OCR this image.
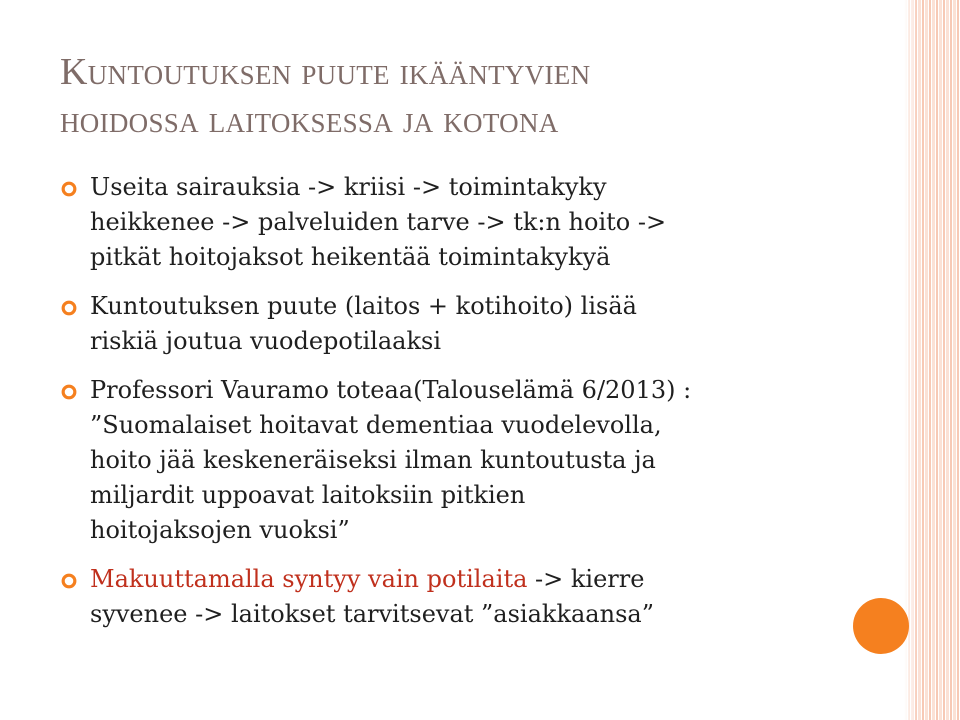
Kuntoutuksen puute ikääntyvien
hoidossa laitoksessa ja kotona
Useita sairauksia -> kriisi -> toimintakyky
heikkenee -> palveluiden tarve -> tk:n hoito ->
pitkät hoitojaksot heikentää toimintakykyä
Kuntoutuksen puute (laitos + kotihoito) lisää
riskiä joutua vuodepotilaaksi
Professori Vauramo toteaa(Talouselämä 6/2013) :
”Suomalaiset hoitavat dementiaa vuodelevolla,
hoito jää keskeneräiseksi ilman kuntoutusta ja
miljardit uppoavat laitoksiin pitkien
hoitojaksojen vuoksi”
Makuuttamalla syntyy vain potilaita -> kierre
syvenee -> laitokset tarvitsevat ”asiakkaansa”
